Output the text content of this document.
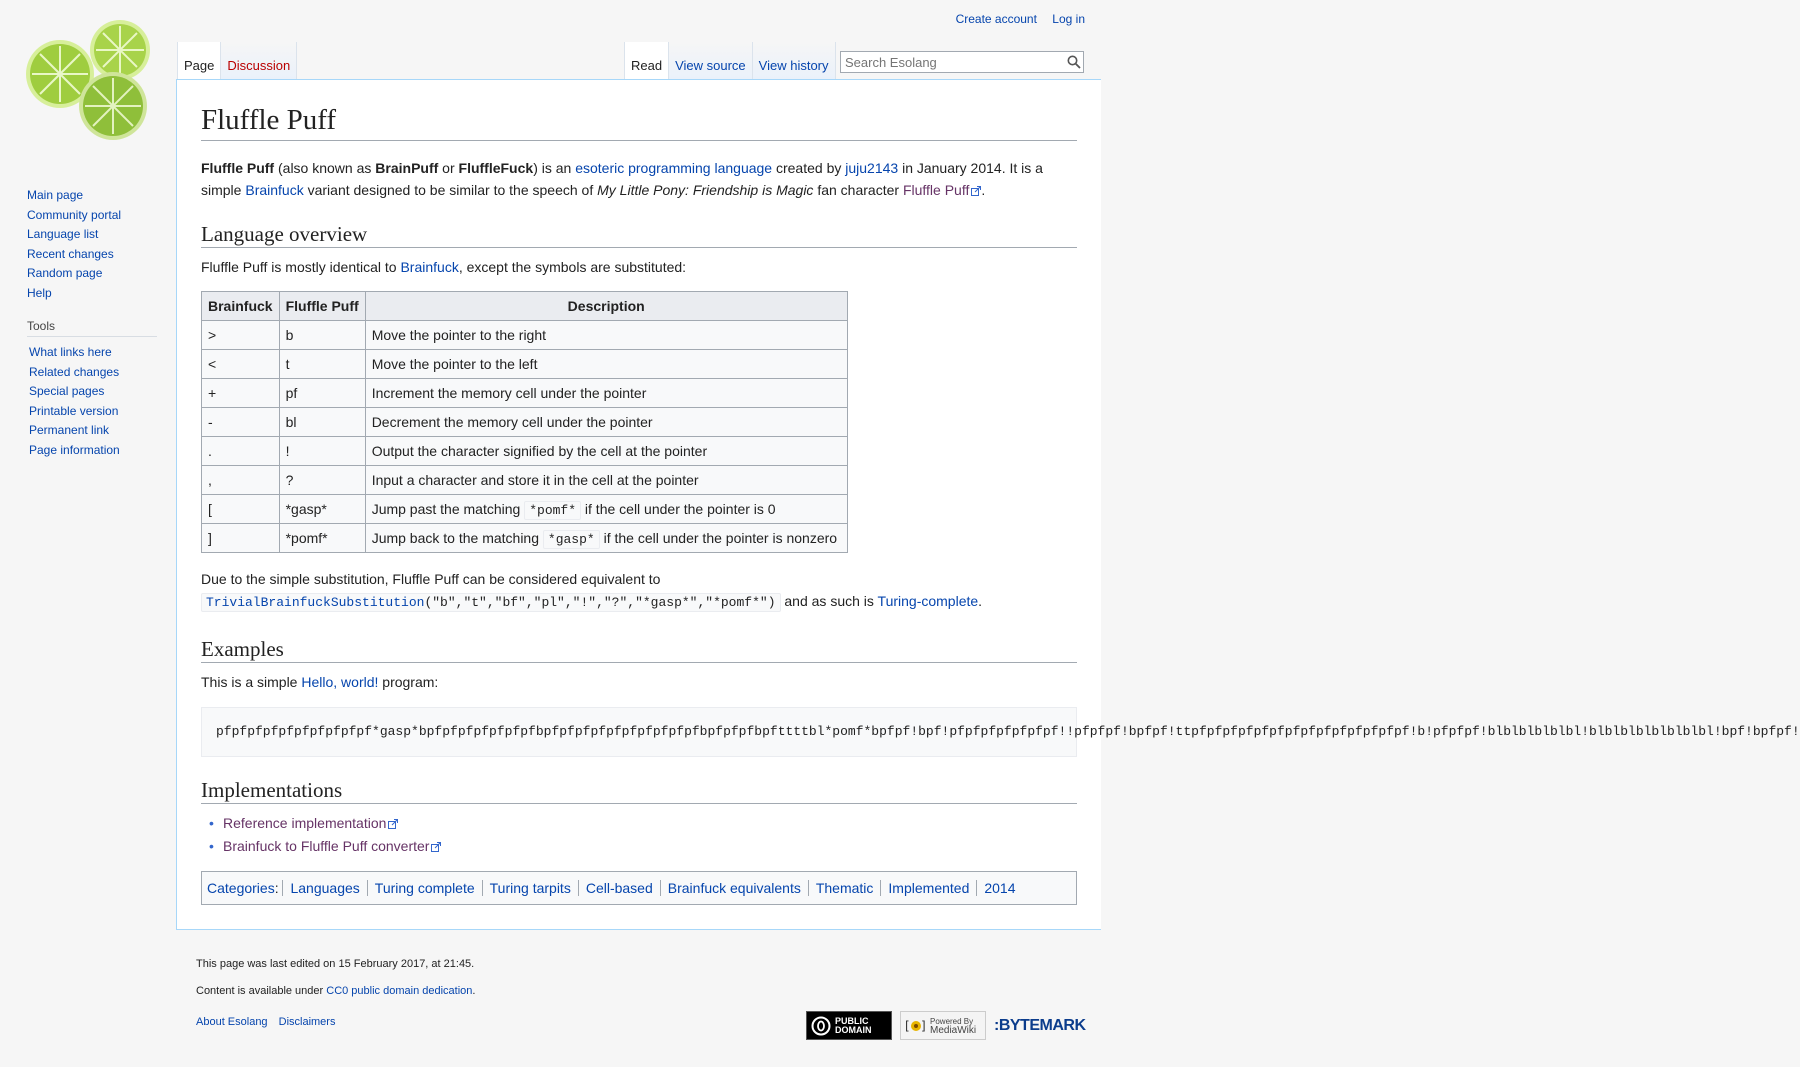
Create account Log in
Page	Discussion	Read	View source	View history
Search Esolang
Main page
Community portal
Language list
Recent changes
Random page
Help
Tools
What links here
Related changes
Special pages
Printable version
Permanent link
Page information
Fluffle Puff

Fluffle Puff (also known as BrainPuff or FluffleFuck) is an esoteric programming language created by juju2143 in January 2014. It is a simple Brainfuck variant designed to be similar to the speech of My Little Pony: Friendship is Magic fan character Fluffle Puff .

Language overview

Fluffle Puff is mostly identical to Brainfuck, except the symbols are substituted:

Brainfuck	Fluffle Puff	Description
>	b	Move the pointer to the right
<	t	Move the pointer to the left
+	pf	Increment the memory cell under the pointer
-	bl	Decrement the memory cell under the pointer
.	!	Output the character signified by the cell at the pointer
,	?	Input a character and store it in the cell at the pointer
[	*gasp*	Jump past the matching *pomf* if the cell under the pointer is 0
]	*pomf*	Jump back to the matching *gasp* if the cell under the pointer is nonzero

Due to the simple substitution, Fluffle Puff can be considered equivalent to
TrivialBrainfuckSubstitution("b","t","bf","pl","!","?","*gasp*","*pomf*") and as such is Turing-complete.

Examples

This is a simple Hello, world! program:

pfpfpfpfpfpfpfpfpfpf*gasp*bpfpfpfpfpfpfpfbpfpfpfpfpfpfpfpfpfpfbpfpfpfbpfttttbl*pomf*bpfpf!bpf!pfpfpfpfpfpfpf!!pfpfpf!bpfpf!ttpfpfpfpfpfpfpfpfpfpfpfpfpfpf!b!pfpfpf!blblblblblbl!blblblblblblblbl!bpf!bpfpf!
Implementations
• Reference implementation
• Brainfuck to Fluffle Puff converter
Categories: Languages Turing complete Turing tarpits Cell-based Brainfuck equivalents Thematic Implemented 2014
This page was last edited on 15 February 2017, at 21:45.
Content is available under CC0 public domain dedication.
About Esolang Disclaimers	PUBLIC
DOMAIN	[ ] Powered By
MediaWiki :BYTEMARK
